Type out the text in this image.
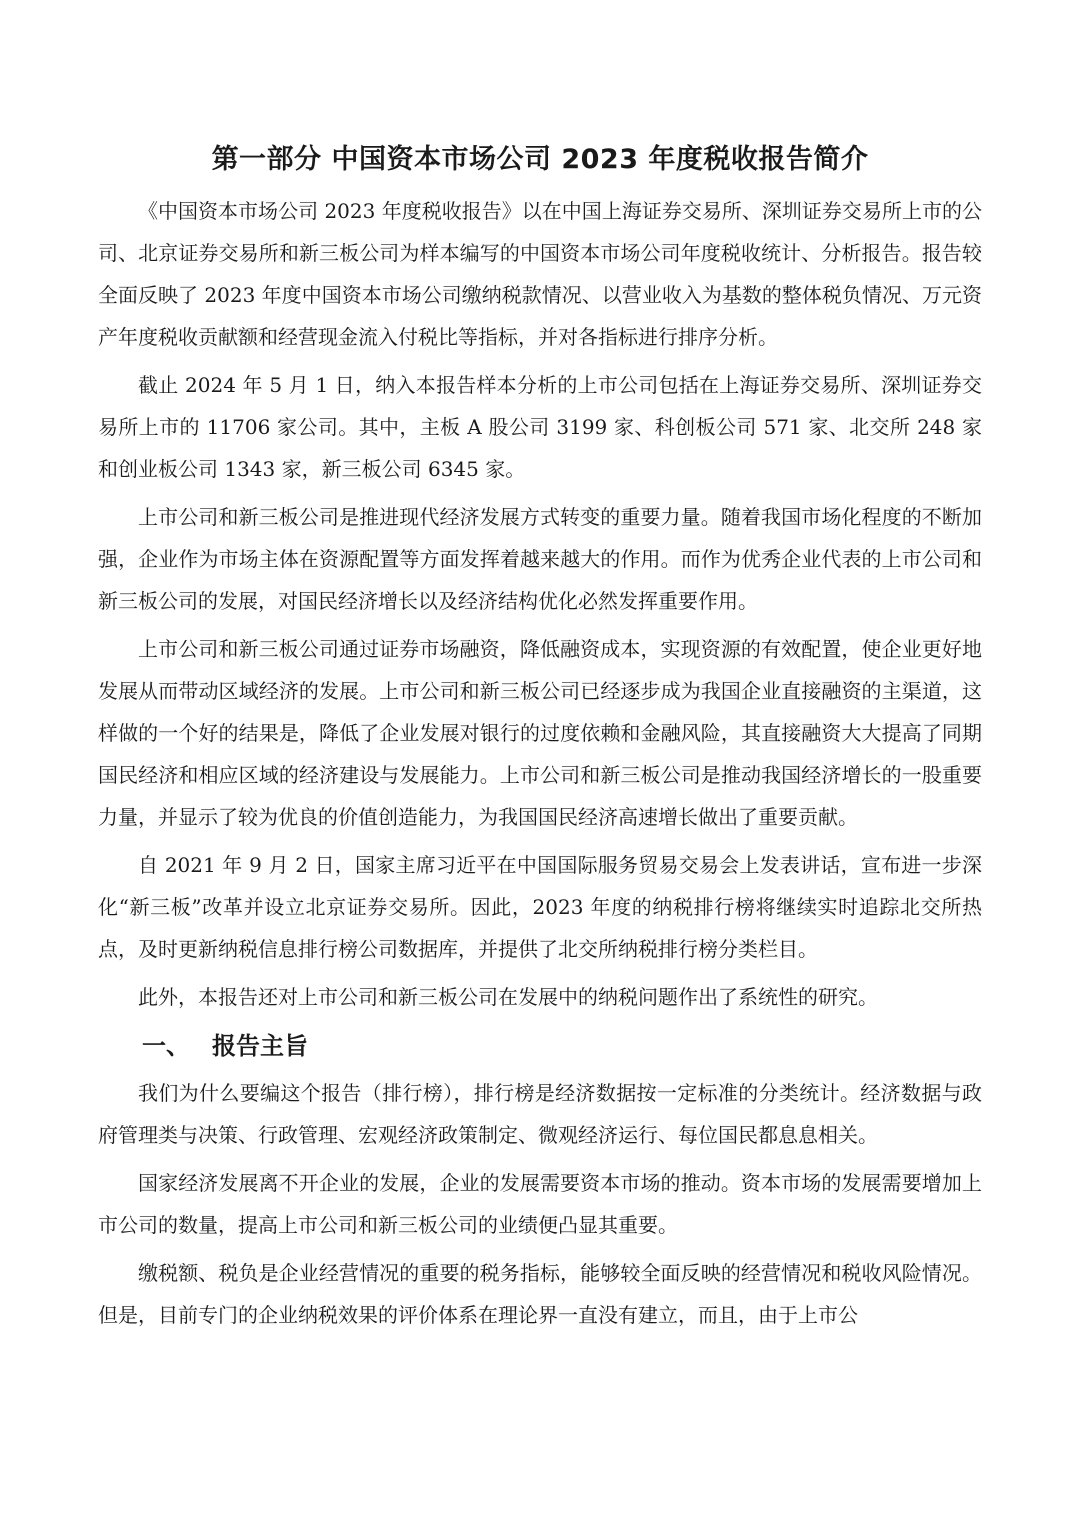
第一部分 中国资本市场公司 2023 年度税收报告简介

《中国资本市场公司 2023 年度税收报告》以在中国上海证券交易所、深圳证券交易所上市的公司、北京证券交易所和新三板公司为样本编写的中国资本市场公司年度税收统计、分析报告。报告较全面反映了 2023 年度中国资本市场公司缴纳税款情况、以营业收入为基数的整体税负情况、万元资产年度税收贡献额和经营现金流入付税比等指标，并对各指标进行排序分析。

截止 2024 年 5 月 1 日，纳入本报告样本分析的上市公司包括在上海证券交易所、深圳证券交易所上市的 11706 家公司。其中，主板 A 股公司 3199 家、科创板公司 571 家、北交所 248 家和创业板公司 1343 家，新三板公司 6345 家。

上市公司和新三板公司是推进现代经济发展方式转变的重要力量。随着我国市场化程度的不断加强，企业作为市场主体在资源配置等方面发挥着越来越大的作用。而作为优秀企业代表的上市公司和新三板公司的发展，对国民经济增长以及经济结构优化必然发挥重要作用。

上市公司和新三板公司通过证券市场融资，降低融资成本，实现资源的有效配置，使企业更好地发展从而带动区域经济的发展。上市公司和新三板公司已经逐步成为我国企业直接融资的主渠道，这样做的一个好的结果是，降低了企业发展对银行的过度依赖和金融风险，其直接融资大大提高了同期国民经济和相应区域的经济建设与发展能力。上市公司和新三板公司是推动我国经济增长的一股重要力量，并显示了较为优良的价值创造能力，为我国国民经济高速增长做出了重要贡献。

自 2021 年 9 月 2 日，国家主席习近平在中国国际服务贸易交易会上发表讲话，宣布进一步深化“新三板”改革并设立北京证券交易所。因此，2023 年度的纳税排行榜将继续实时追踪北交所热点，及时更新纳税信息排行榜公司数据库，并提供了北交所纳税排行榜分类栏目。

此外，本报告还对上市公司和新三板公司在发展中的纳税问题作出了系统性的研究。

一、 报告主旨

我们为什么要编这个报告（排行榜），排行榜是经济数据按一定标准的分类统计。经济数据与政府管理类与决策、行政管理、宏观经济政策制定、微观经济运行、每位国民都息息相关。

国家经济发展离不开企业的发展，企业的发展需要资本市场的推动。资本市场的发展需要增加上市公司的数量，提高上市公司和新三板公司的业绩便凸显其重要。

缴税额、税负是企业经营情况的重要的税务指标，能够较全面反映的经营情况和税收风险情况。但是，目前专门的企业纳税效果的评价体系在理论界一直没有建立，而且，由于上市公
